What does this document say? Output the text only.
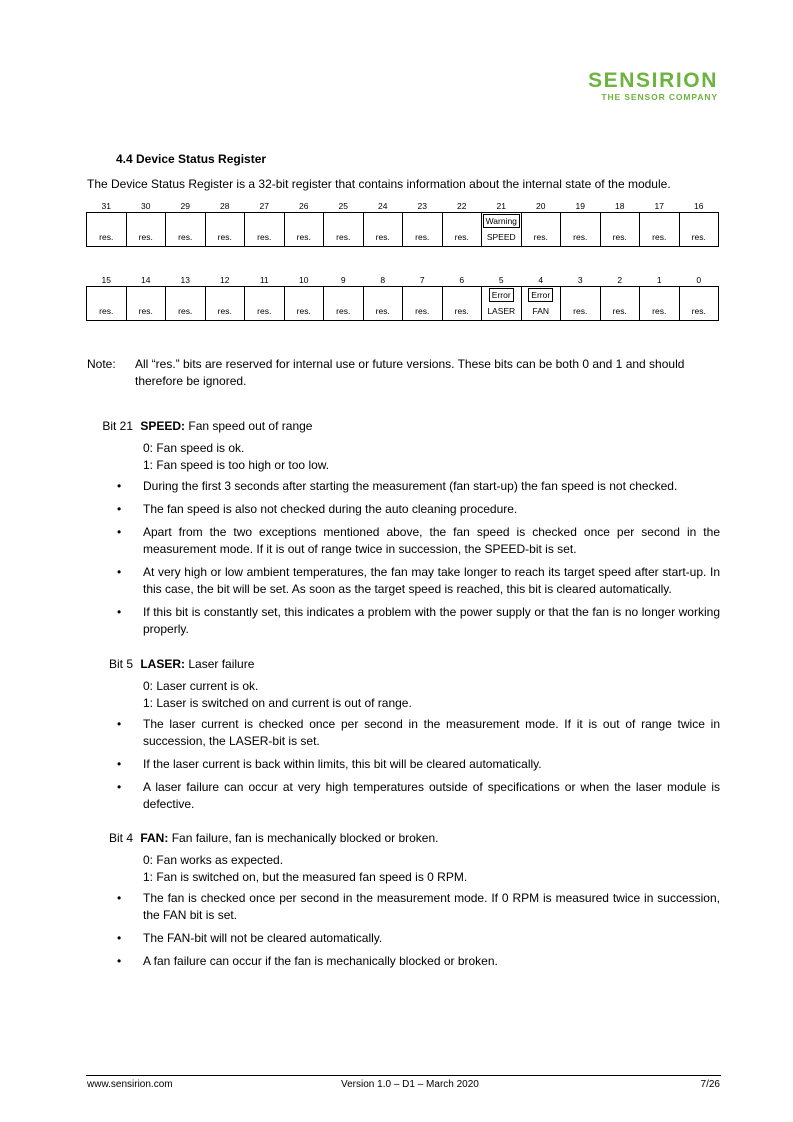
SENSIRION
THE SENSOR COMPANY
4.4 Device Status Register
The Device Status Register is a 32-bit register that contains information about the internal state of the module.
31	30	29	28	27	26	25	24	23	22	21	20	19	18	17	16
										Warning					
res.	res.	res.	res.	res.	res.	res.	res.	res.	res.	SPEED	res.	res.	res.	res.	res.
15	14	13	12	11	10	9	8	7	6	5	4	3	2	1	0
										Error	Error				
res.	res.	res.	res.	res.	res.	res.	res.	res.	res.	LASER	FAN	res.	res.	res.	res.
Note: All “res.” bits are reserved for internal use or future versions. These bits can be both 0 and 1 and should therefore be ignored.
Bit 21 SPEED: Fan speed out of range
0: Fan speed is ok.
1: Fan speed is too high or too low.
• During the first 3 seconds after starting the measurement (fan start-up) the fan speed is not checked.
• The fan speed is also not checked during the auto cleaning procedure.
• Apart from the two exceptions mentioned above, the fan speed is checked once per second in the measurement mode. If it is out of range twice in succession, the SPEED-bit is set.
• At very high or low ambient temperatures, the fan may take longer to reach its target speed after start-up. In this case, the bit will be set. As soon as the target speed is reached, this bit is cleared automatically.
• If this bit is constantly set, this indicates a problem with the power supply or that the fan is no longer working properly.
Bit 5 LASER: Laser failure
0: Laser current is ok.
1: Laser is switched on and current is out of range.
• The laser current is checked once per second in the measurement mode. If it is out of range twice in succession, the LASER-bit is set.
• If the laser current is back within limits, this bit will be cleared automatically.
• A laser failure can occur at very high temperatures outside of specifications or when the laser module is defective.
Bit 4 FAN: Fan failure, fan is mechanically blocked or broken.
0: Fan works as expected.
1: Fan is switched on, but the measured fan speed is 0 RPM.
• The fan is checked once per second in the measurement mode. If 0 RPM is measured twice in succession, the FAN bit is set.
• The FAN-bit will not be cleared automatically.
• A fan failure can occur if the fan is mechanically blocked or broken.
www.sensirion.com	Version 1.0 – D1 – March 2020	7/26
